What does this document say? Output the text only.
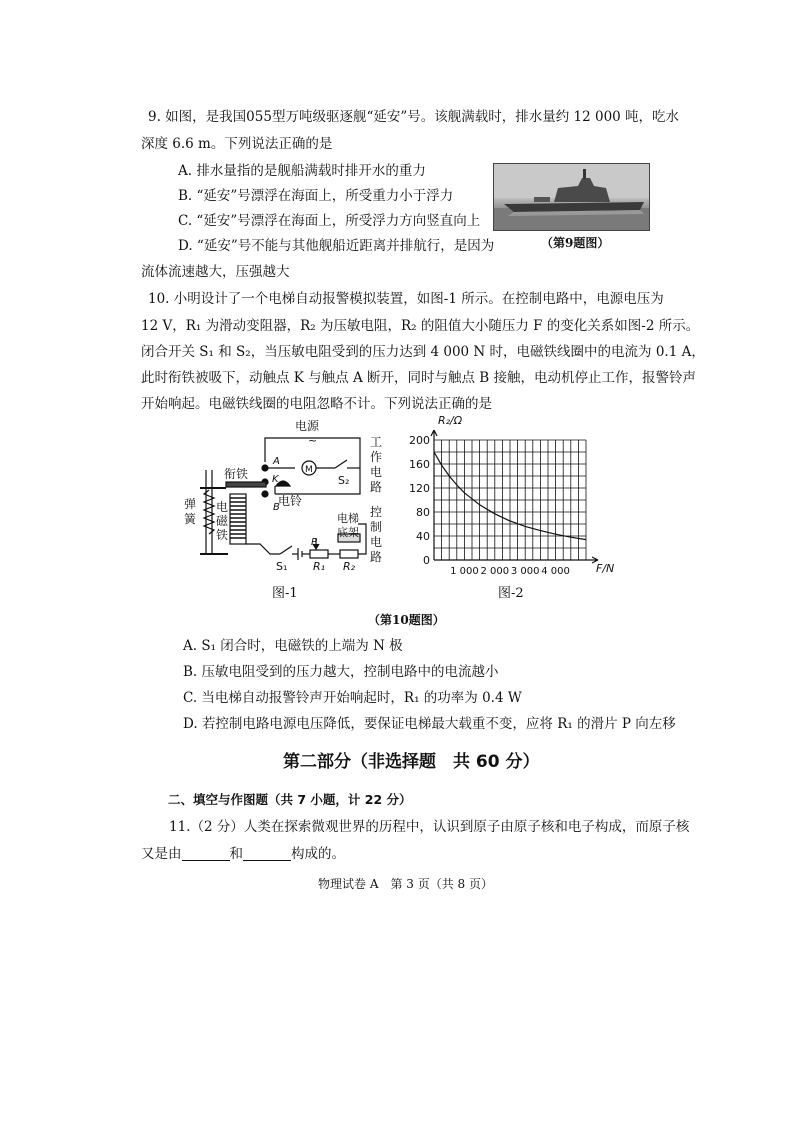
9. 如图，是我国055型万吨级驱逐舰“延安”号。该舰满载时，排水量约 12 000 吨，吃水
深度 6.6 m。下列说法正确的是
A. 排水量指的是舰船满载时排开水的重力
B. “延安”号漂浮在海面上，所受重力小于浮力
C. “延安”号漂浮在海面上，所受浮力方向竖直向上
D. “延安”号不能与其他舰船近距离并排航行，是因为
流体流速越大，压强越大
（第9题图）
10. 小明设计了一个电梯自动报警模拟装置，如图-1 所示。在控制电路中，电源电压为
12 V，R₁ 为滑动变阻器，R₂ 为压敏电阻，R₂ 的阻值大小随压力 F 的变化关系如图-2 所示。
闭合开关 S₁ 和 S₂，当压敏电阻受到的压力达到 4 000 N 时，电磁铁线圈中的电流为 0.1 A，
此时衔铁被吸下，动触点 K 与触点 A 断开，同时与触点 B 接触，电动机停止工作，报警铃声
开始响起。电磁铁线圈的电阻忽略不计。下列说法正确的是
电源
~
M
S₂
电铃
A
K
B
工
作
电
路
衔铁
弹
簧
电
磁
铁
电梯
底架
P
S₁ R₁ R₂
控
制
电
路
图-1
0
40
80
120
160
200
1 000 2 000 3 000 4 000
R₂/Ω
F/N
图-2
（第10题图）
A. S₁ 闭合时，电磁铁的上端为 N 极
B. 压敏电阻受到的压力越大，控制电路中的电流越小
C. 当电梯自动报警铃声开始响起时，R₁ 的功率为 0.4 W
D. 若控制电路电源电压降低，要保证电梯最大载重不变，应将 R₁ 的滑片 P 向左移
第二部分（非选择题　共 60 分）
二、填空与作图题（共 7 小题，计 22 分）
11.（2 分）人类在探索微观世界的历程中，认识到原子由原子核和电子构成，而原子核
又是由	和	构成的。
物理试卷 A　第 3 页（共 8 页）
